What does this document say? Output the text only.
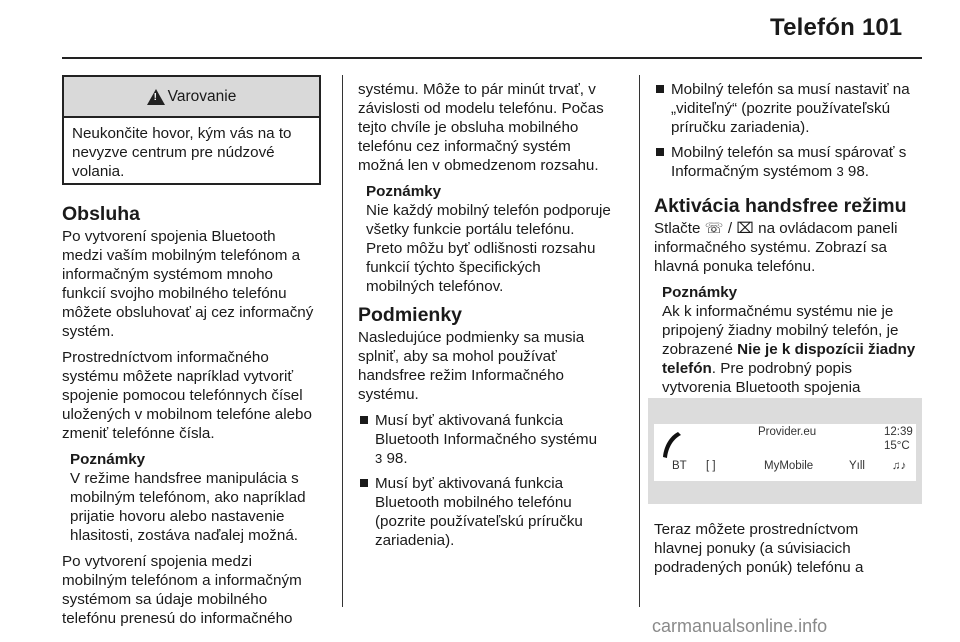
Telefón 101
! Varovanie
Neukončite hovor, kým vás na to
nevyzve centrum pre núdzové
volania.
Obsluha

Po vytvorení spojenia Bluetooth
medzi vaším mobilným telefónom a
informačným systémom mnoho
funkcií svojho mobilného telefónu
môžete obsluhovať aj cez informačný
systém.

Prostredníctvom informačného
systému môžete napríklad vytvoriť
spojenie pomocou telefónnych čísel
uložených v mobilnom telefóne alebo
zmeniť telefónne čísla.

Poznámky
V režime handsfree manipulácia s
mobilným telefónom, ako napríklad
prijatie hovoru alebo nastavenie
hlasitosti, zostáva naďalej možná.

Po vytvorení spojenia medzi
mobilným telefónom a informačným
systémom sa údaje mobilného
telefónu prenesú do informačného

systému. Môže to pár minút trvať, v
závislosti od modelu telefónu. Počas
tejto chvíle je obsluha mobilného
telefónu cez informačný systém
možná len v obmedzenom rozsahu.

Poznámky
Nie každý mobilný telefón podporuje
všetky funkcie portálu telefónu.
Preto môžu byť odlišnosti rozsahu
funkcií týchto špecifických
mobilných telefónov.
Podmienky

Nasledujúce podmienky sa musia
splniť, aby sa mohol používať
handsfree režim Informačného
systému.

Musí byť aktivovaná funkcia
Bluetooth Informačného systému
3 98.
Musí byť aktivovaná funkcia
Bluetooth mobilného telefónu
(pozrite používateľskú príručku
zariadenia).
Mobilný telefón sa musí nastaviť na
„viditeľný“ (pozrite používateľskú
príručku zariadenia).
Mobilný telefón sa musí spárovať s
Informačným systémom 3 98.
Aktivácia handsfree režimu

Stlačte ☏ / ⌧ na ovládacom paneli
informačného systému. Zobrazí sa
hlavná ponuka telefónu.

Poznámky
Ak k informačnému systému nie je
pripojený žiadny mobilný telefón, je
zobrazené Nie je k dispozícii žiadny
telefón. Pre podrobný popis
vytvorenia Bluetooth spojenia
Provider.eu	12:39
15°C
BT [ ]	MyMobile	Yıll ♫♪
Teraz môžete prostredníctvom
hlavnej ponuky (a súvisiacich
podradených ponúk) telefónu a
carmanualsonline.info
